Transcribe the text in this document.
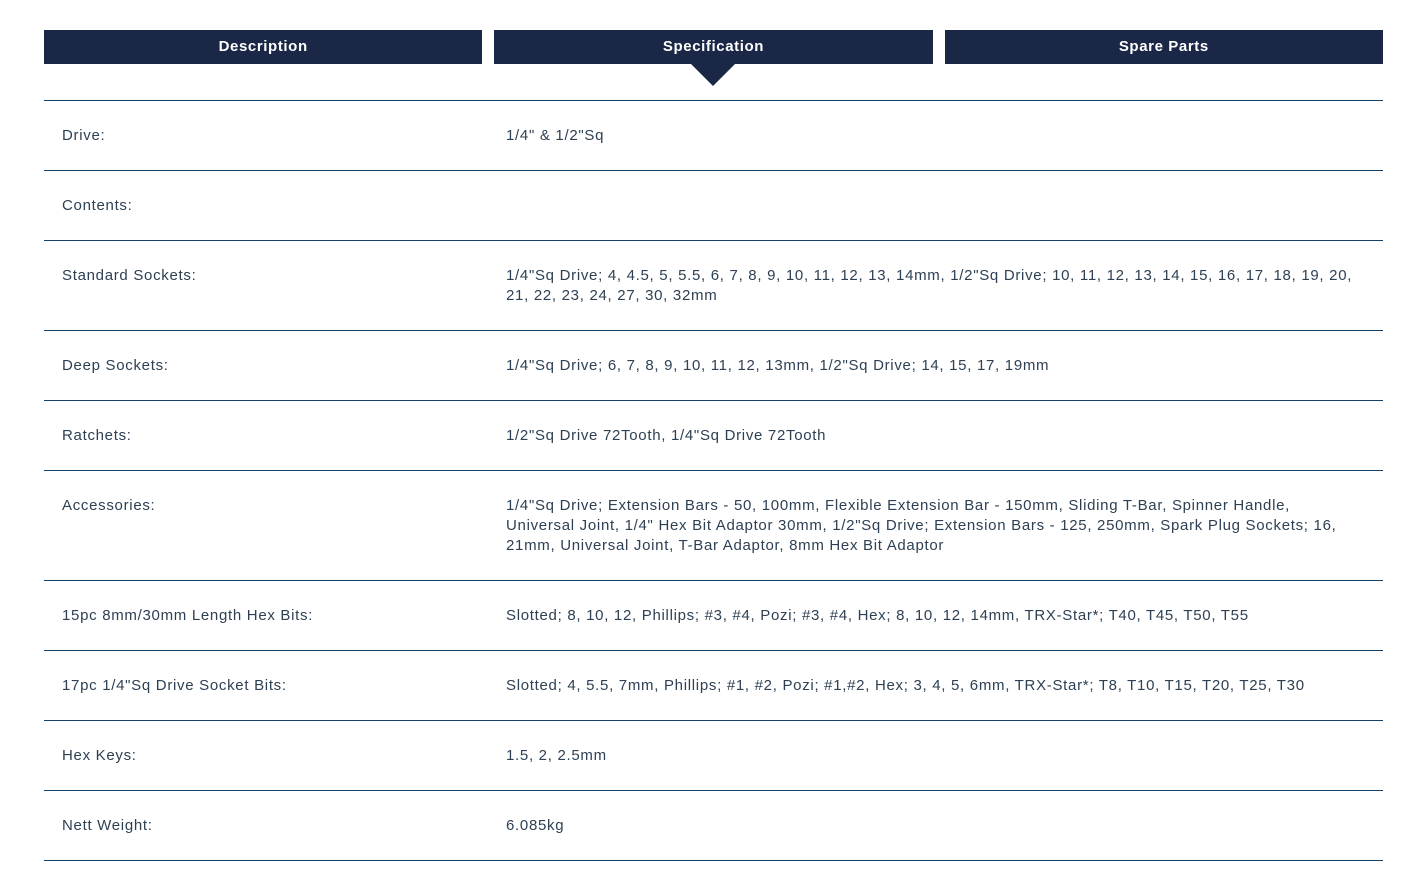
Description	Specification	Spare Parts
Drive:	1/4" & 1/2"Sq
Contents:
Standard Sockets:	1/4"Sq Drive; 4, 4.5, 5, 5.5, 6, 7, 8, 9, 10, 11, 12, 13, 14mm, 1/2"Sq Drive; 10, 11, 12, 13, 14, 15, 16, 17, 18, 19, 20, 21, 22, 23, 24, 27, 30, 32mm
Deep Sockets:	1/4"Sq Drive; 6, 7, 8, 9, 10, 11, 12, 13mm, 1/2"Sq Drive; 14, 15, 17, 19mm
Ratchets:	1/2"Sq Drive 72Tooth, 1/4"Sq Drive 72Tooth
Accessories:	1/4"Sq Drive; Extension Bars - 50, 100mm, Flexible Extension Bar - 150mm, Sliding T-Bar, Spinner Handle, Universal Joint, 1/4" Hex Bit Adaptor 30mm, 1/2"Sq Drive; Extension Bars - 125, 250mm, Spark Plug Sockets; 16, 21mm, Universal Joint, T-Bar Adaptor, 8mm Hex Bit Adaptor
15pc 8mm/30mm Length Hex Bits:	Slotted; 8, 10, 12, Phillips; #3, #4, Pozi; #3, #4, Hex; 8, 10, 12, 14mm, TRX-Star*; T40, T45, T50, T55
17pc 1/4"Sq Drive Socket Bits:	Slotted; 4, 5.5, 7mm, Phillips; #1, #2, Pozi; #1,#2, Hex; 3, 4, 5, 6mm, TRX-Star*; T8, T10, T15, T20, T25, T30
Hex Keys:	1.5, 2, 2.5mm
Nett Weight:	6.085kg
